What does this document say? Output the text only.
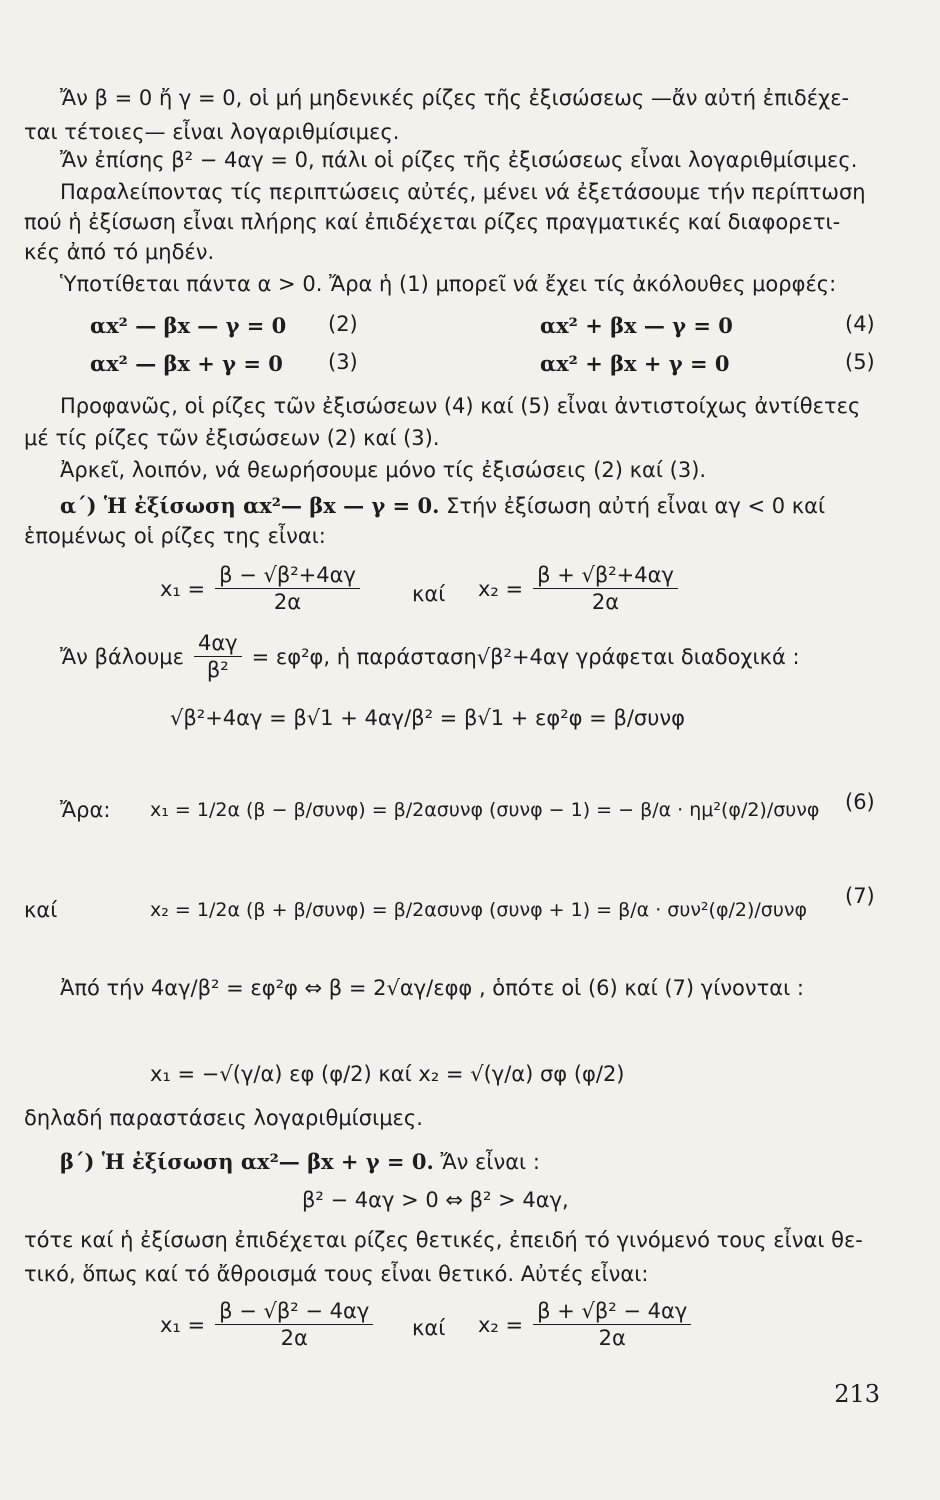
Ἄν β = 0 ἤ γ = 0, οἱ μή μηδενικές ρίζες τῆς ἐξισώσεως —ἄν αὐτή ἐπιδέχε-
ται τέτοιες— εἶναι λογαριθμίσιμες.
Ἄν ἐπίσης β² − 4αγ = 0, πάλι οἱ ρίζες τῆς ἐξισώσεως εἶναι λογαριθμίσιμες.
Παραλείποντας τίς περιπτώσεις αὐτές, μένει νά ἐξετάσουμε τήν περίπτωση
πού ἡ ἐξίσωση εἶναι πλήρης καί ἐπιδέχεται ρίζες πραγματικές καί διαφορετι-
κές ἀπό τό μηδέν.
Ὑποτίθεται πάντα α > 0. Ἄρα ἡ (1) μπορεῖ νά ἔχει τίς ἀκόλουθες μορφές:
αx² — βx — γ = 0 (2)	αx² + βx — γ = 0	(4)
αx² — βx + γ = 0 (3)	αx² + βx + γ = 0	(5)
Προφανῶς, οἱ ρίζες τῶν ἐξισώσεων (4) καί (5) εἶναι ἀντιστοίχως ἀντίθετες
μέ τίς ρίζες τῶν ἐξισώσεων (2) καί (3).
Ἀρκεῖ, λοιπόν, νά θεωρήσουμε μόνο τίς ἐξισώσεις (2) καί (3).
α΄) Ἡ ἐξίσωση αx²— βx — γ = 0. Στήν ἐξίσωση αὐτή εἶναι αγ < 0 καί
ἑπομένως οἱ ρίζες της εἶναι:
$x_1 = \frac{\text{β − √β²+4αγ}}{2\alpha}$ καί $x_2 = \frac{\text{β + √β²+4αγ}}{2\alpha}$
Ἄν βάλουμε $\frac{4\alpha\gamma}{\text{β²}} = \varepsilon\varphi^2\varphi$, ἡ παράσταση√β²+4αγ γράφεται διαδοχικά :
√β²+4αγ = β√1 + 4αγ/β² = β√1 + εφ²φ = β/συνφ
Ἄρα: x₁ = 1/2α (β − β/συνφ) = β/2ασυνφ (συνφ − 1) = − β/α · ημ²(φ/2)/συνφ (6)
καί	x₂ = 1/2α (β + β/συνφ) = β/2ασυνφ (συνφ + 1) = β/α · συν²(φ/2)/συνφ
(7)
Ἀπό τήν 4αγ/β² = εφ²φ ⇔ β = 2√αγ/εφφ , ὁπότε οἱ (6) καί (7) γίνονται :
x₁ = −√(γ/α) εφ (φ/2) καί x₂ = √(γ/α) σφ (φ/2)
δηλαδή παραστάσεις λογαριθμίσιμες.
β΄) Ἡ ἐξίσωση αx²— βx + γ = 0. Ἄν εἶναι :
β² − 4αγ > 0 ⇔ β² > 4αγ,
τότε καί ἡ ἐξίσωση ἐπιδέχεται ρίζες θετικές, ἐπειδή τό γινόμενό τους εἶναι θε-
τικό, ὅπως καί τό ἄθροισμά τους εἶναι θετικό. Αὐτές εἶναι:
$x_1 = \frac{\text{β − √β² − 4αγ}}{2\alpha}$ καί $x_2 = \frac{\text{β + √β² − 4αγ}}{2\alpha}$
213
